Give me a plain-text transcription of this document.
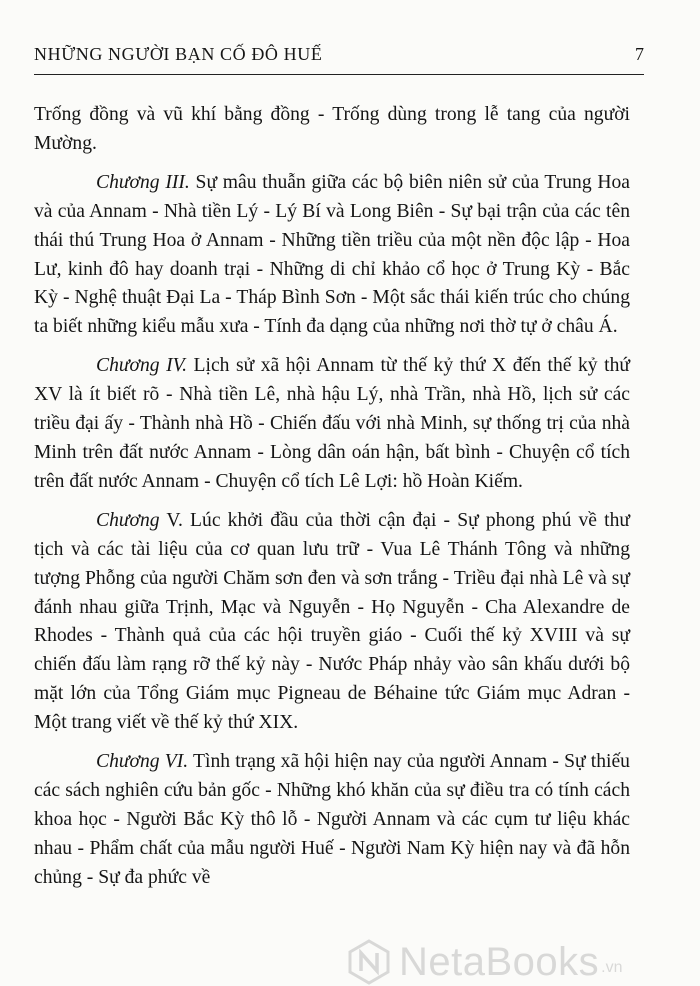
NHỮNG NGƯỜI BẠN CỐ ĐÔ HUẾ	7

Trống đồng và vũ khí bằng đồng - Trống dùng trong lễ tang của người Mường.

Chương III. Sự mâu thuẫn giữa các bộ biên niên sử của Trung Hoa và của Annam - Nhà tiền Lý - Lý Bí và Long Biên - Sự bại trận của các tên thái thú Trung Hoa ở Annam - Những tiền triều của một nền độc lập - Hoa Lư, kinh đô hay doanh trại - Những di chỉ khảo cổ học ở Trung Kỳ - Bắc Kỳ - Nghệ thuật Đại La - Tháp Bình Sơn - Một sắc thái kiến trúc cho chúng ta biết những kiểu mẫu xưa - Tính đa dạng của những nơi thờ tự ở châu Á.

Chương IV. Lịch sử xã hội Annam từ thế kỷ thứ X đến thế kỷ thứ XV là ít biết rõ - Nhà tiền Lê, nhà hậu Lý, nhà Trần, nhà Hồ, lịch sử các triều đại ấy - Thành nhà Hồ - Chiến đấu với nhà Minh, sự thống trị của nhà Minh trên đất nước Annam - Lòng dân oán hận, bất bình - Chuyện cổ tích trên đất nước Annam - Chuyện cổ tích Lê Lợi: hồ Hoàn Kiếm.

Chương V. Lúc khởi đầu của thời cận đại - Sự phong phú về thư tịch và các tài liệu của cơ quan lưu trữ - Vua Lê Thánh Tông và những tượng Phỗng của người Chăm sơn đen và sơn trắng - Triều đại nhà Lê và sự đánh nhau giữa Trịnh, Mạc và Nguyễn - Họ Nguyễn - Cha Alexandre de Rhodes - Thành quả của các hội truyền giáo - Cuối thế kỷ XVIII và sự chiến đấu làm rạng rỡ thế kỷ này - Nước Pháp nhảy vào sân khấu dưới bộ mặt lớn của Tổng Giám mục Pigneau de Béhaine tức Giám mục Adran - Một trang viết về thế kỷ thứ XIX.

Chương VI. Tình trạng xã hội hiện nay của người Annam - Sự thiếu các sách nghiên cứu bản gốc - Những khó khăn của sự điều tra có tính cách khoa học - Người Bắc Kỳ thô lỗ - Người Annam và các cụm tư liệu khác nhau - Phẩm chất của mẫu người Huế - Người Nam Kỳ hiện nay và đã hỗn chủng - Sự đa phức về

NetaBooks .vn
